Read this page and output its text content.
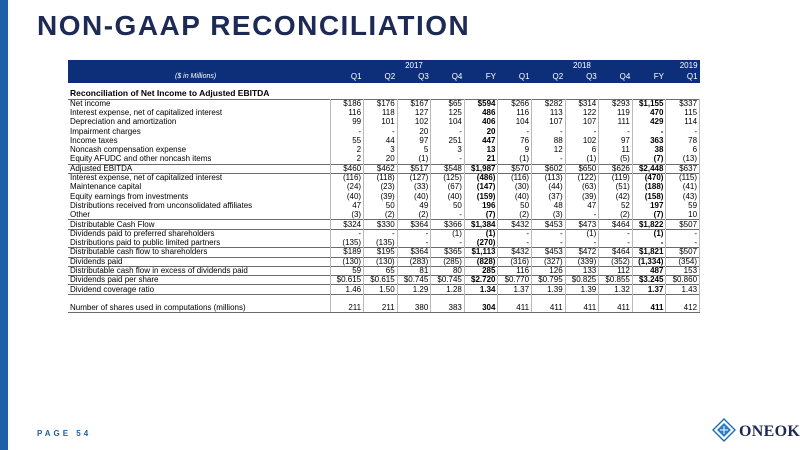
NON-GAAP RECONCILIATION
	2017					2018					2019
($ in Millions)	Q1	Q2	Q3	Q4	FY	Q1	Q2	Q3	Q4	FY	Q1

Reconciliation of Net Income to Adjusted EBITDA											
Net income	$186	$176	$167	$65	$594	$266	$282	$314	$293	$1,155	$337
Interest expense, net of capitalized interest	116	118	127	125	486	116	113	122	119	470	115
Depreciation and amortization	99	101	102	104	406	104	107	107	111	429	114
Impairment charges	-	-	20	-	20	-	-	-	-	-	-
Income taxes	55	44	97	251	447	76	88	102	97	363	78
Noncash compensation expense	2	3	5	3	13	9	12	6	11	38	6
Equity AFUDC and other noncash items	2	20	(1)	-	21	(1)	-	(1)	(5)	(7)	(13)
Adjusted EBITDA	$460	$462	$517	$548	$1,987	$570	$602	$650	$626	$2,448	$637
Interest expense, net of capitalized interest	(116)	(118)	(127)	(125)	(486)	(116)	(113)	(122)	(119)	(470)	(115)
Maintenance capital	(24)	(23)	(33)	(67)	(147)	(30)	(44)	(63)	(51)	(188)	(41)
Equity earnings from investments	(40)	(39)	(40)	(40)	(159)	(40)	(37)	(39)	(42)	(158)	(43)
Distributions received from unconsolidated affiliates	47	50	49	50	196	50	48	47	52	197	59
Other	(3)	(2)	(2)	-	(7)	(2)	(3)	-	(2)	(7)	10
Distributable Cash Flow	$324	$330	$364	$366	$1,384	$432	$453	$473	$464	$1,822	$507
Dividends paid to preferred shareholders	-	-	-	(1)	(1)	-	-	(1)	-	(1)	-
Distributions paid to public limited partners	(135)	(135)	-	-	(270)	-	-	-	-	-	-
Distributable cash flow to shareholders	$189	$195	$364	$365	$1,113	$432	$453	$472	$464	$1,821	$507
Dividends paid	(130)	(130)	(283)	(285)	(828)	(316)	(327)	(339)	(352)	(1,334)	(354)
Distributable cash flow in excess of dividends paid	59	65	81	80	285	116	126	133	112	487	153
Dividends paid per share	$0.615	$0.615	$0.745	$0.745	$2.720	$0.770	$0.795	$0.825	$0.855	$3.245	$0.860
Dividend coverage ratio	1.46	1.50	1.29	1.28	1.34	1.37	1.39	1.39	1.32	1.37	1.43
Number of shares used in computations (millions)	211	211	380	383	304	411	411	411	411	411	412
PAGE 54	ONEOK
